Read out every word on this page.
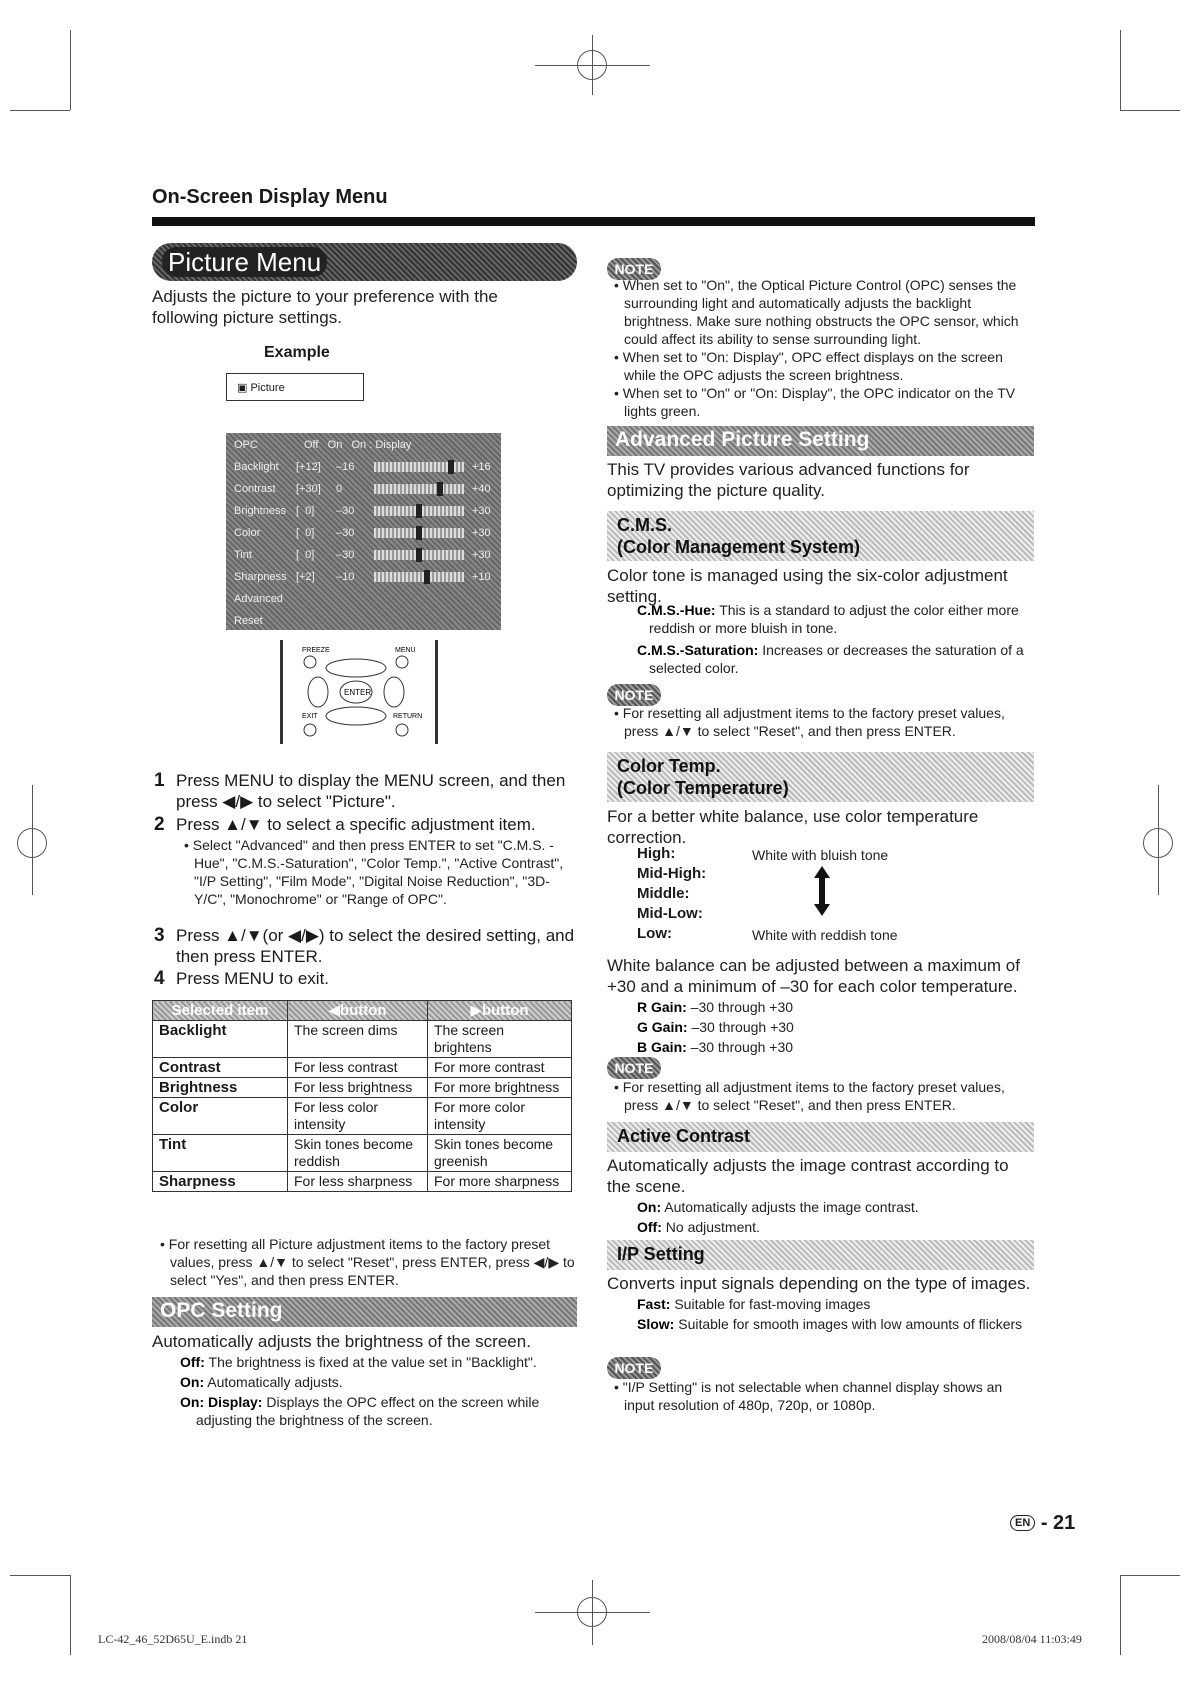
On-Screen Display Menu
Picture Menu
Adjusts the picture to your preference with the following picture settings.
Example
▣ Picture
OPC	Off   On   On : Display
Backlight [+12] –16	+16
Contrast [+30] 0	+40
Brightness [  0] –30	+30
Color	[  0] –30	+30
Tint	[  0] –30	+30
Sharpness [+2] –10	+10
Advanced
Reset
FREEZE	MENU
ENTER
EXIT	RETURN
1 Press MENU to display the MENU screen, and then press ◀/▶ to select "Picture".
2 Press ▲/▼ to select a specific adjustment item.
• Select "Advanced" and then press ENTER to set "C.M.S. -Hue", "C.M.S.-Saturation", "Color Temp.", "Active Contrast", "I/P Setting", "Film Mode", "Digital Noise Reduction", "3D-Y/C", "Monochrome" or "Range of OPC".
3 Press ▲/▼(or ◀/▶) to select the desired setting, and then press ENTER.
4 Press MENU to exit.
Selected item	◀button	▶button
Backlight	The screen dims	The screen brightens
Contrast	For less contrast	For more contrast
Brightness	For less brightness	For more brightness
Color	For less color intensity	For more color intensity
Tint	Skin tones become reddish	Skin tones become greenish
Sharpness	For less sharpness	For more sharpness
• For resetting all Picture adjustment items to the factory preset values, press ▲/▼ to select "Reset", press ENTER, press ◀/▶ to select "Yes", and then press ENTER.
OPC Setting
Automatically adjusts the brightness of the screen.
Off: The brightness is fixed at the value set in "Backlight".
On: Automatically adjusts.
On: Display: Displays the OPC effect on the screen while adjusting the brightness of the screen.
NOTE
• When set to "On", the Optical Picture Control (OPC) senses the surrounding light and automatically adjusts the backlight brightness. Make sure nothing obstructs the OPC sensor, which could affect its ability to sense surrounding light.
• When set to "On: Display", OPC effect displays on the screen while the OPC adjusts the screen brightness.
• When set to "On" or "On: Display", the OPC indicator on the TV lights green.
Advanced Picture Setting
This TV provides various advanced functions for optimizing the picture quality.
C.M.S.
(Color Management System)
Color tone is managed using the six-color adjustment setting.
C.M.S.-Hue: This is a standard to adjust the color either more reddish or more bluish in tone.
C.M.S.-Saturation: Increases or decreases the saturation of a selected color.
NOTE
• For resetting all adjustment items to the factory preset values, press ▲/▼ to select "Reset", and then press ENTER.
Color Temp.
(Color Temperature)
For a better white balance, use color temperature correction.
High:
Mid-High:
Middle:
Mid-Low:
Low:
White with bluish tone
White with reddish tone
White balance can be adjusted between a maximum of +30 and a minimum of –30 for each color temperature.
R Gain: –30 through +30
G Gain: –30 through +30
B Gain: –30 through +30
NOTE
• For resetting all adjustment items to the factory preset values, press ▲/▼ to select "Reset", and then press ENTER.
Active Contrast
Automatically adjusts the image contrast according to the scene.
On: Automatically adjusts the image contrast.
Off: No adjustment.
I/P Setting
Converts input signals depending on the type of images.
Fast: Suitable for fast-moving images
Slow: Suitable for smooth images with low amounts of flickers
NOTE
• "I/P Setting" is not selectable when channel display shows an input resolution of 480p, 720p, or 1080p.
EN - 21
LC-42_46_52D65U_E.indb 21	2008/08/04 11:03:49
